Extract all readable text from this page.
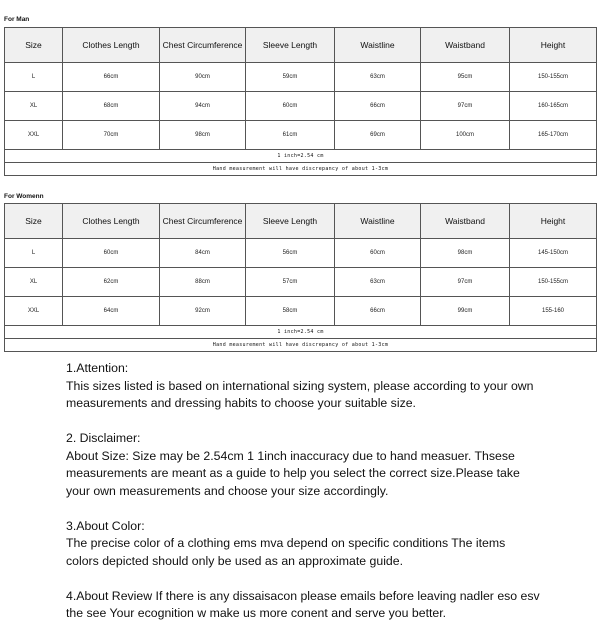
For Man
Size	Clothes Length	Chest Circumference	Sleeve Length	Waistline	Waistband	Height
L	66cm	90cm	59cm	63cm	95cm	150-155cm
XL	68cm	94cm	60cm	66cm	97cm	160-165cm
XXL	70cm	98cm	61cm	69cm	100cm	165-170cm
1 inch=2.54 cm						
Hand measurement will have discrepancy of about 1-3cm						
For Womenn
Size	Clothes Length	Chest Circumference	Sleeve Length	Waistline	Waistband	Height
L	60cm	84cm	56cm	60cm	98cm	145-150cm
XL	62cm	88cm	57cm	63cm	97cm	150-155cm
XXL	64cm	92cm	58cm	66cm	99cm	155-160
1 inch=2.54 cm						
Hand measurement will have discrepancy of about 1-3cm						

1.Attention:

This sizes listed is based on international sizing system, please according to your own

measurements and dressing habits to choose your suitable size.

2. Disclaimer:

About Size: Size may be 2.54cm 1 1inch inaccuracy due to hand measuer. Thsese

measurements are meant as a guide to help you select the correct size.Please take

your own measurements and choose your size accordingly.

3.About Color:

The precise color of a clothing ems mva depend on specific conditions The items

colors depicted should only be used as an approximate guide.

4.About Review If there is any dissaisacon please emails before leaving nadler eso esv

the see Your ecognition w make us more conent and serve you better.
